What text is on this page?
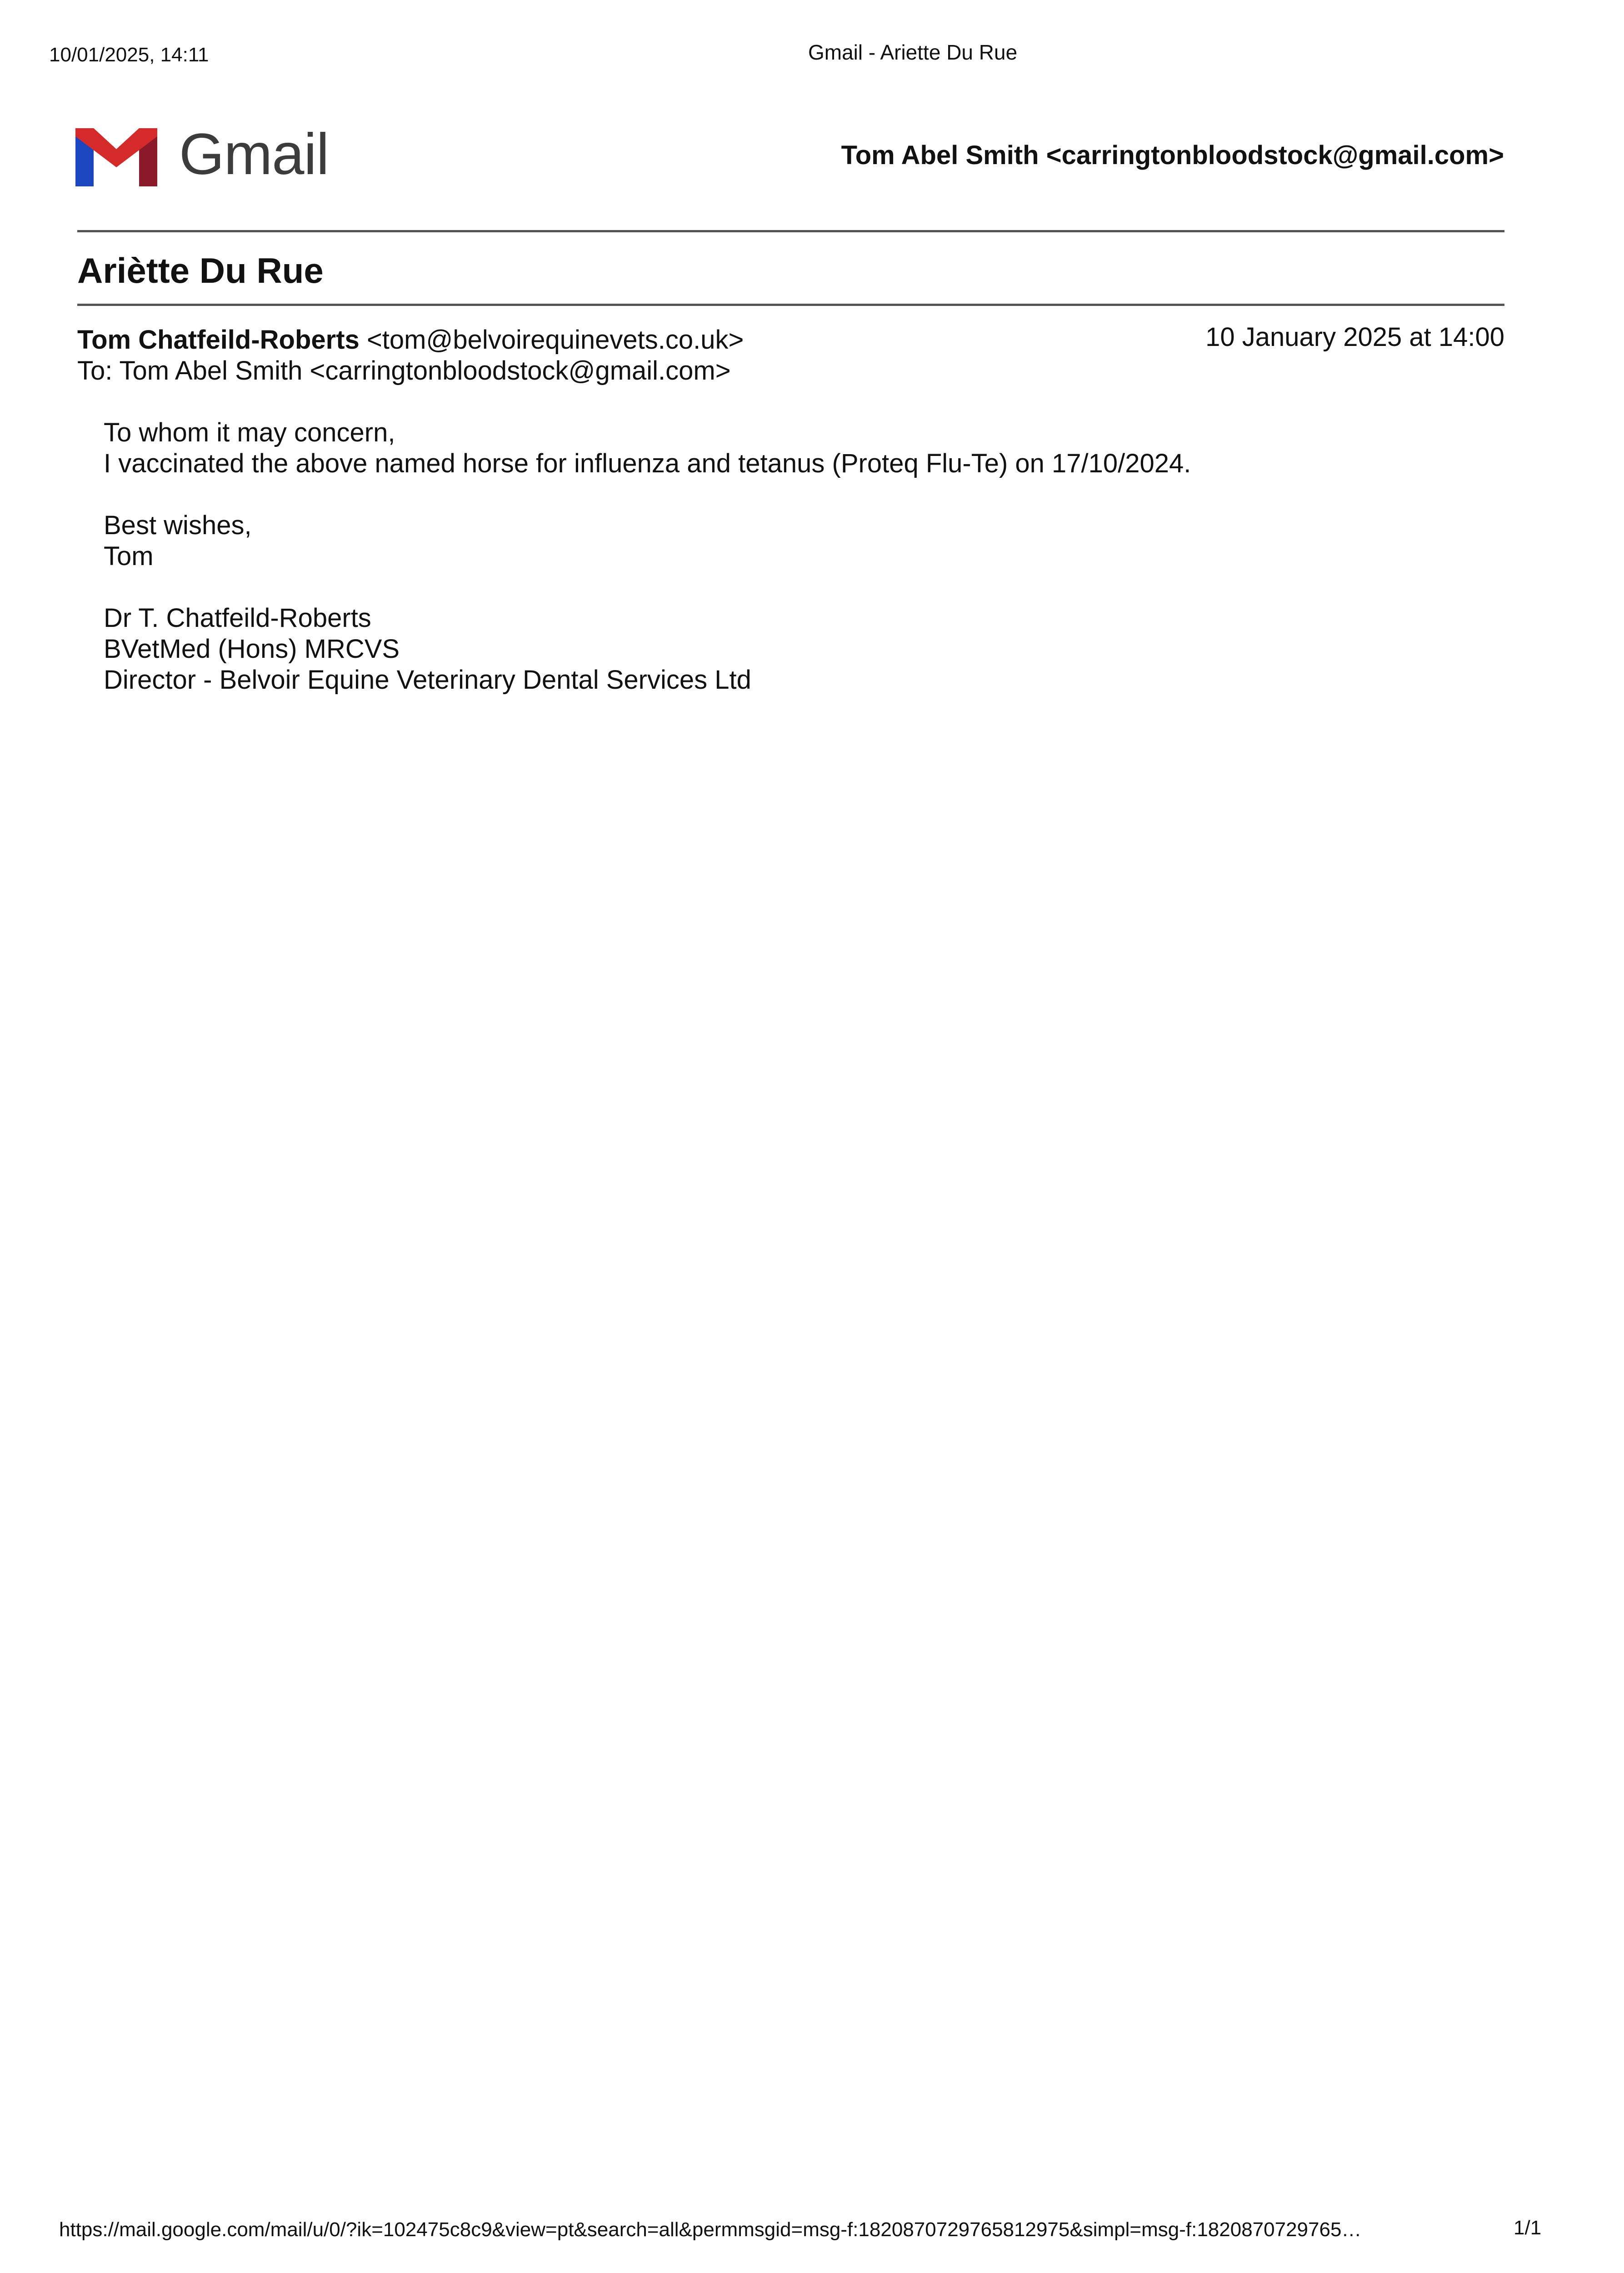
10/01/2025, 14:11	Gmail - Ariette Du Rue
Gmail	Tom Abel Smith <carringtonbloodstock@gmail.com>
Ariètte Du Rue
Tom Chatfeild-Roberts <tom@belvoirequinevets.co.uk>	10 January 2025 at 14:00
To: Tom Abel Smith <carringtonbloodstock@gmail.com>
To whom it may concern,
I vaccinated the above named horse for influenza and tetanus (Proteq Flu-Te) on 17/10/2024.
Best wishes,
Tom
Dr T. Chatfeild-Roberts
BVetMed (Hons) MRCVS
Director - Belvoir Equine Veterinary Dental Services Ltd
https://mail.google.com/mail/u/0/?ik=102475c8c9&view=pt&search=all&permmsgid=msg-f:1820870729765812975&simpl=msg-f:1820870729765…	1/1
